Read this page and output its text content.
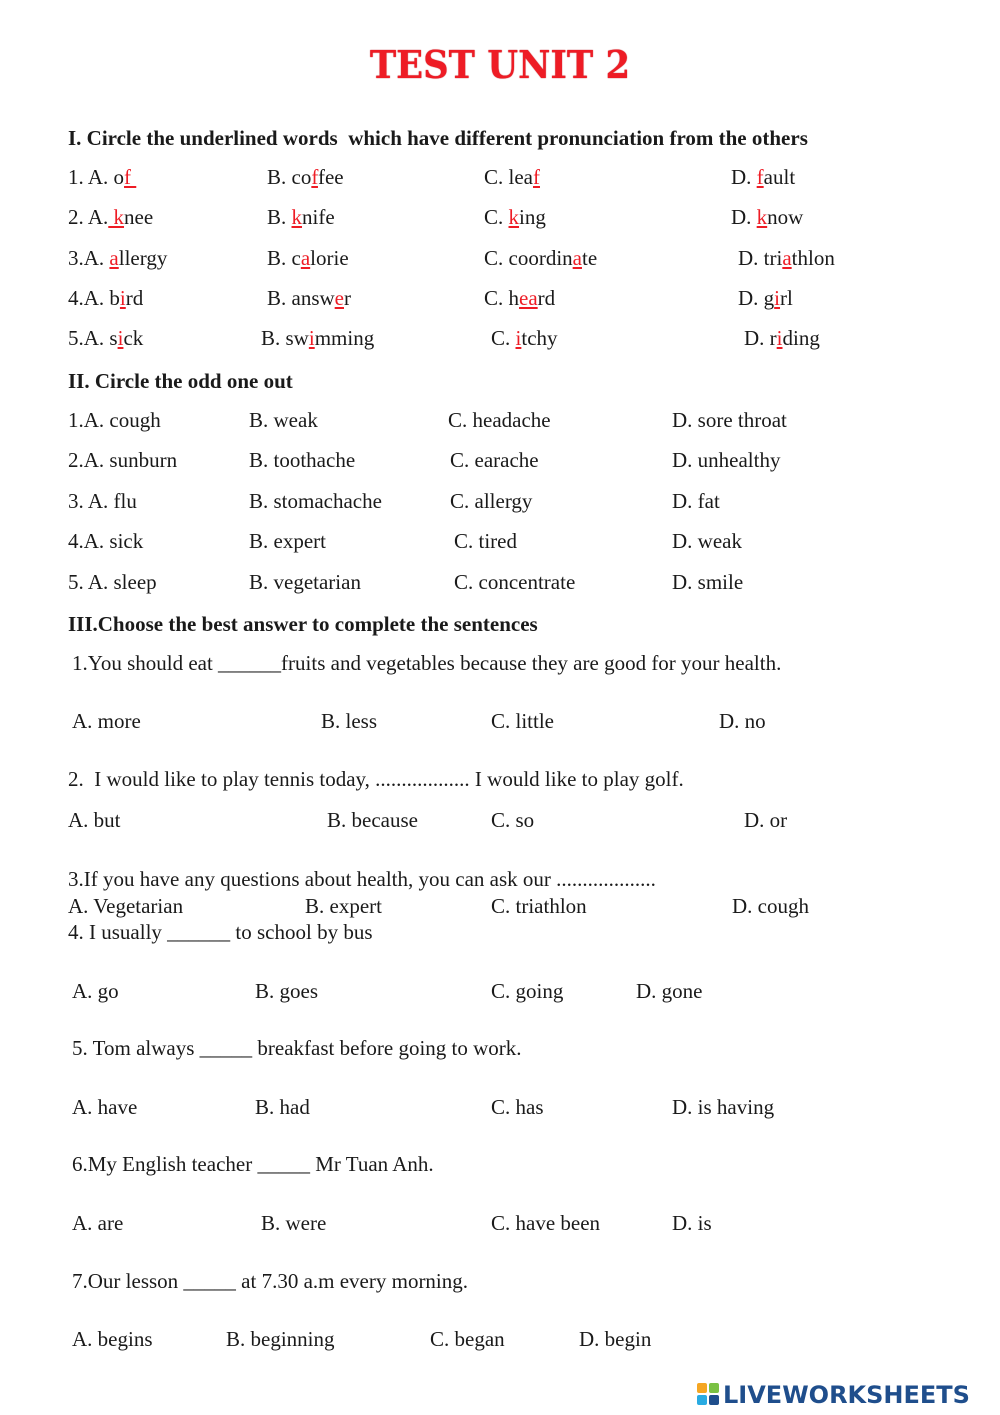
TEST UNIT 2
I. Circle the underlined words  which have different pronunciation from the others
1. A. of	B. coffee	C. leaf	D. fault
2. A. knee	B. knife	C. king	D. know
3.A. allergy	B. calorie	C. coordinate	D. triathlon
4.A. bird	B. answer	C. heard	D. girl
5.A. sick	B. swimming	C. itchy	D. riding
II. Circle the odd one out
1.A. cough	B. weak	C. headache	D. sore throat
2.A. sunburn	B. toothache	C. earache	D. unhealthy
3. A. flu	B. stomachache	C. allergy	D. fat
4.A. sick	B. expert	C. tired	D. weak
5. A. sleep	B. vegetarian	C. concentrate	D. smile
III.Choose the best answer to complete the sentences
1.You should eat ______fruits and vegetables because they are good for your health.
A. more	B. less	C. little	D. no
2.  I would like to play tennis today, .................. I would like to play golf.
A. but	B. because	C. so	D. or
3.If you have any questions about health, you can ask our ...................
A. Vegetarian	B. expert	C. triathlon	D. cough
4. I usually ______ to school by bus
A. go	B. goes	C. going	D. gone
5. Tom always _____ breakfast before going to work.
A. have	B. had	C. has	D. is having
6.My English teacher _____ Mr Tuan Anh.
A. are	B. were	C. have been	D. is
7.Our lesson _____ at 7.30 a.m every morning.
A. begins	B. beginning	C. began	D. begin
LIVEWORKSHEETS
